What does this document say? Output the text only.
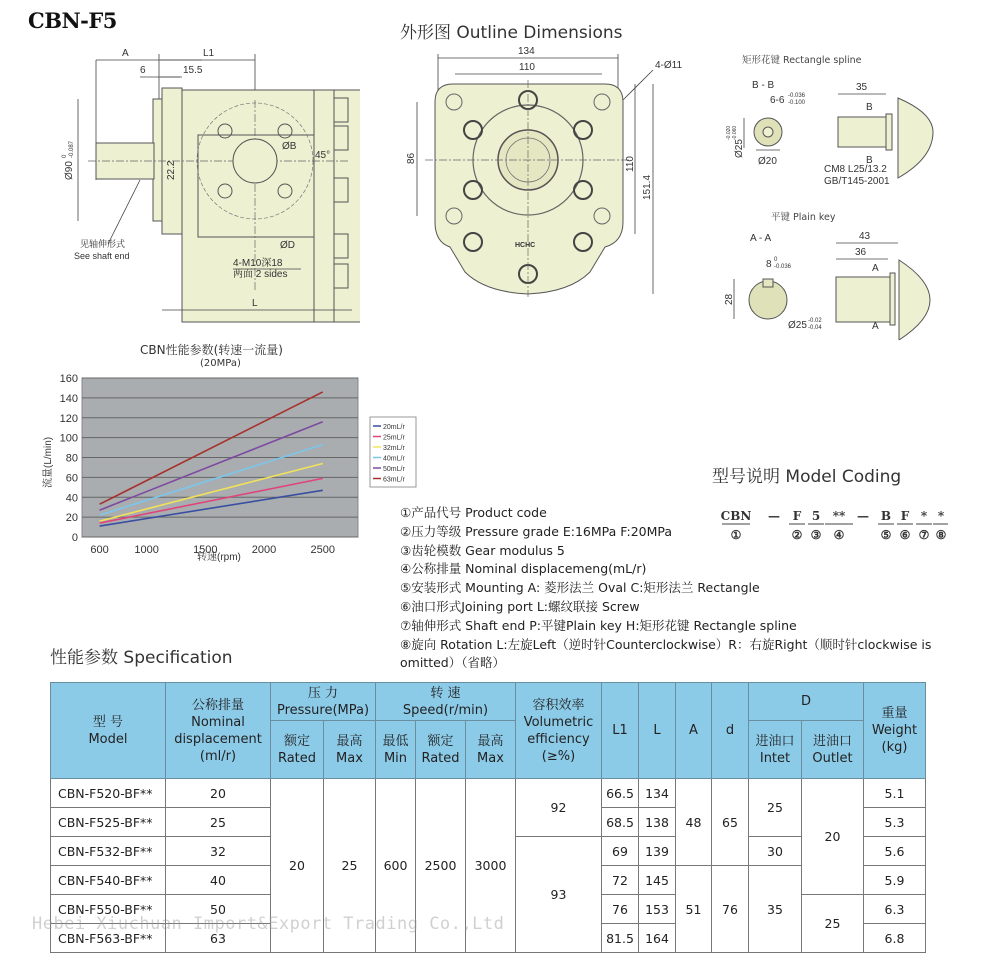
CBN-F5
A	L1
6	15.5
L
Ø90
0 -0.087
22.2
ØB
45°
ØD
4-M10深18
两面 2 sides
见轴伸形式
See shaft end
外形图 Outline Dimensions
134
110	4-Ø11
86	110
151.4
HCHC
矩形花键 Rectangle spline
B - B
6-6 -0.036
-0.100
Ø25
-0.020 -0.060
Ø20
35
B
B
CM8 L25/13.2
GB/T145-2001
平键 Plain key
A - A
8 0
-0.036
28
Ø25 -0.02
-0.04
43
36
A
A
CBN性能参数(转速一流量)
(20MPa)
流量(L/min)
转速(rpm)
0
20
40
60
80
100
120
140
160
600 1000	1500	2000	2500
20mL/r
25mL/r
32mL/r
40mL/r
50mL/r
63mL/r	型号说明 Model Coding
CBN
①
— F
②
5
③
**
④
— B
⑤
F
⑥
*
⑦
*
⑧
①产品代号 Product code
②压力等级 Pressure grade E:16MPa F:20MPa
③齿轮模数 Gear modulus 5
④公称排量 Nominal displacemeng(mL/r)
⑤安装形式 Mounting A: 菱形法兰 Oval C:矩形法兰 Rectangle
⑥油口形式Joining port L:螺纹联接 Screw
⑦轴伸形式 Shaft end P:平键Plain key H:矩形花键 Rectangle spline
⑧旋向 Rotation L:左旋Left（逆时针Counterclockwise）R：右旋Right（顺时针clockwise is omitted）（省略）
性能参数 Specification
型 号
Model	公称排量
Nominal
displacement
(ml/r)	压 力
Pressure(MPa)		转 速
Speed(r/min)			容积效率
Volumetric
efficiency
(≥%)	L1	L	A	d	D		重量
Weight
(kg)
		额定
Rated	最高
Max	最低
Min	额定
Rated	最高
Max						进油口
Intet	进油口
Outlet	
CBN-F520-BF**	20	20	25	600	2500	3000	92	66.5	134	48	65	25	20	5.1
CBN-F525-BF**	25							68.5	138					5.3
CBN-F532-BF**	32						93	69	139			30		5.6
CBN-F540-BF**	40							72	145	51	76	35		5.9
CBN-F550-BF**	50							76	153				25	6.3
CBN-F563-BF**	63							81.5	164					6.8
Hebei Xiuchuan Import&Export Trading Co.,Ltd
